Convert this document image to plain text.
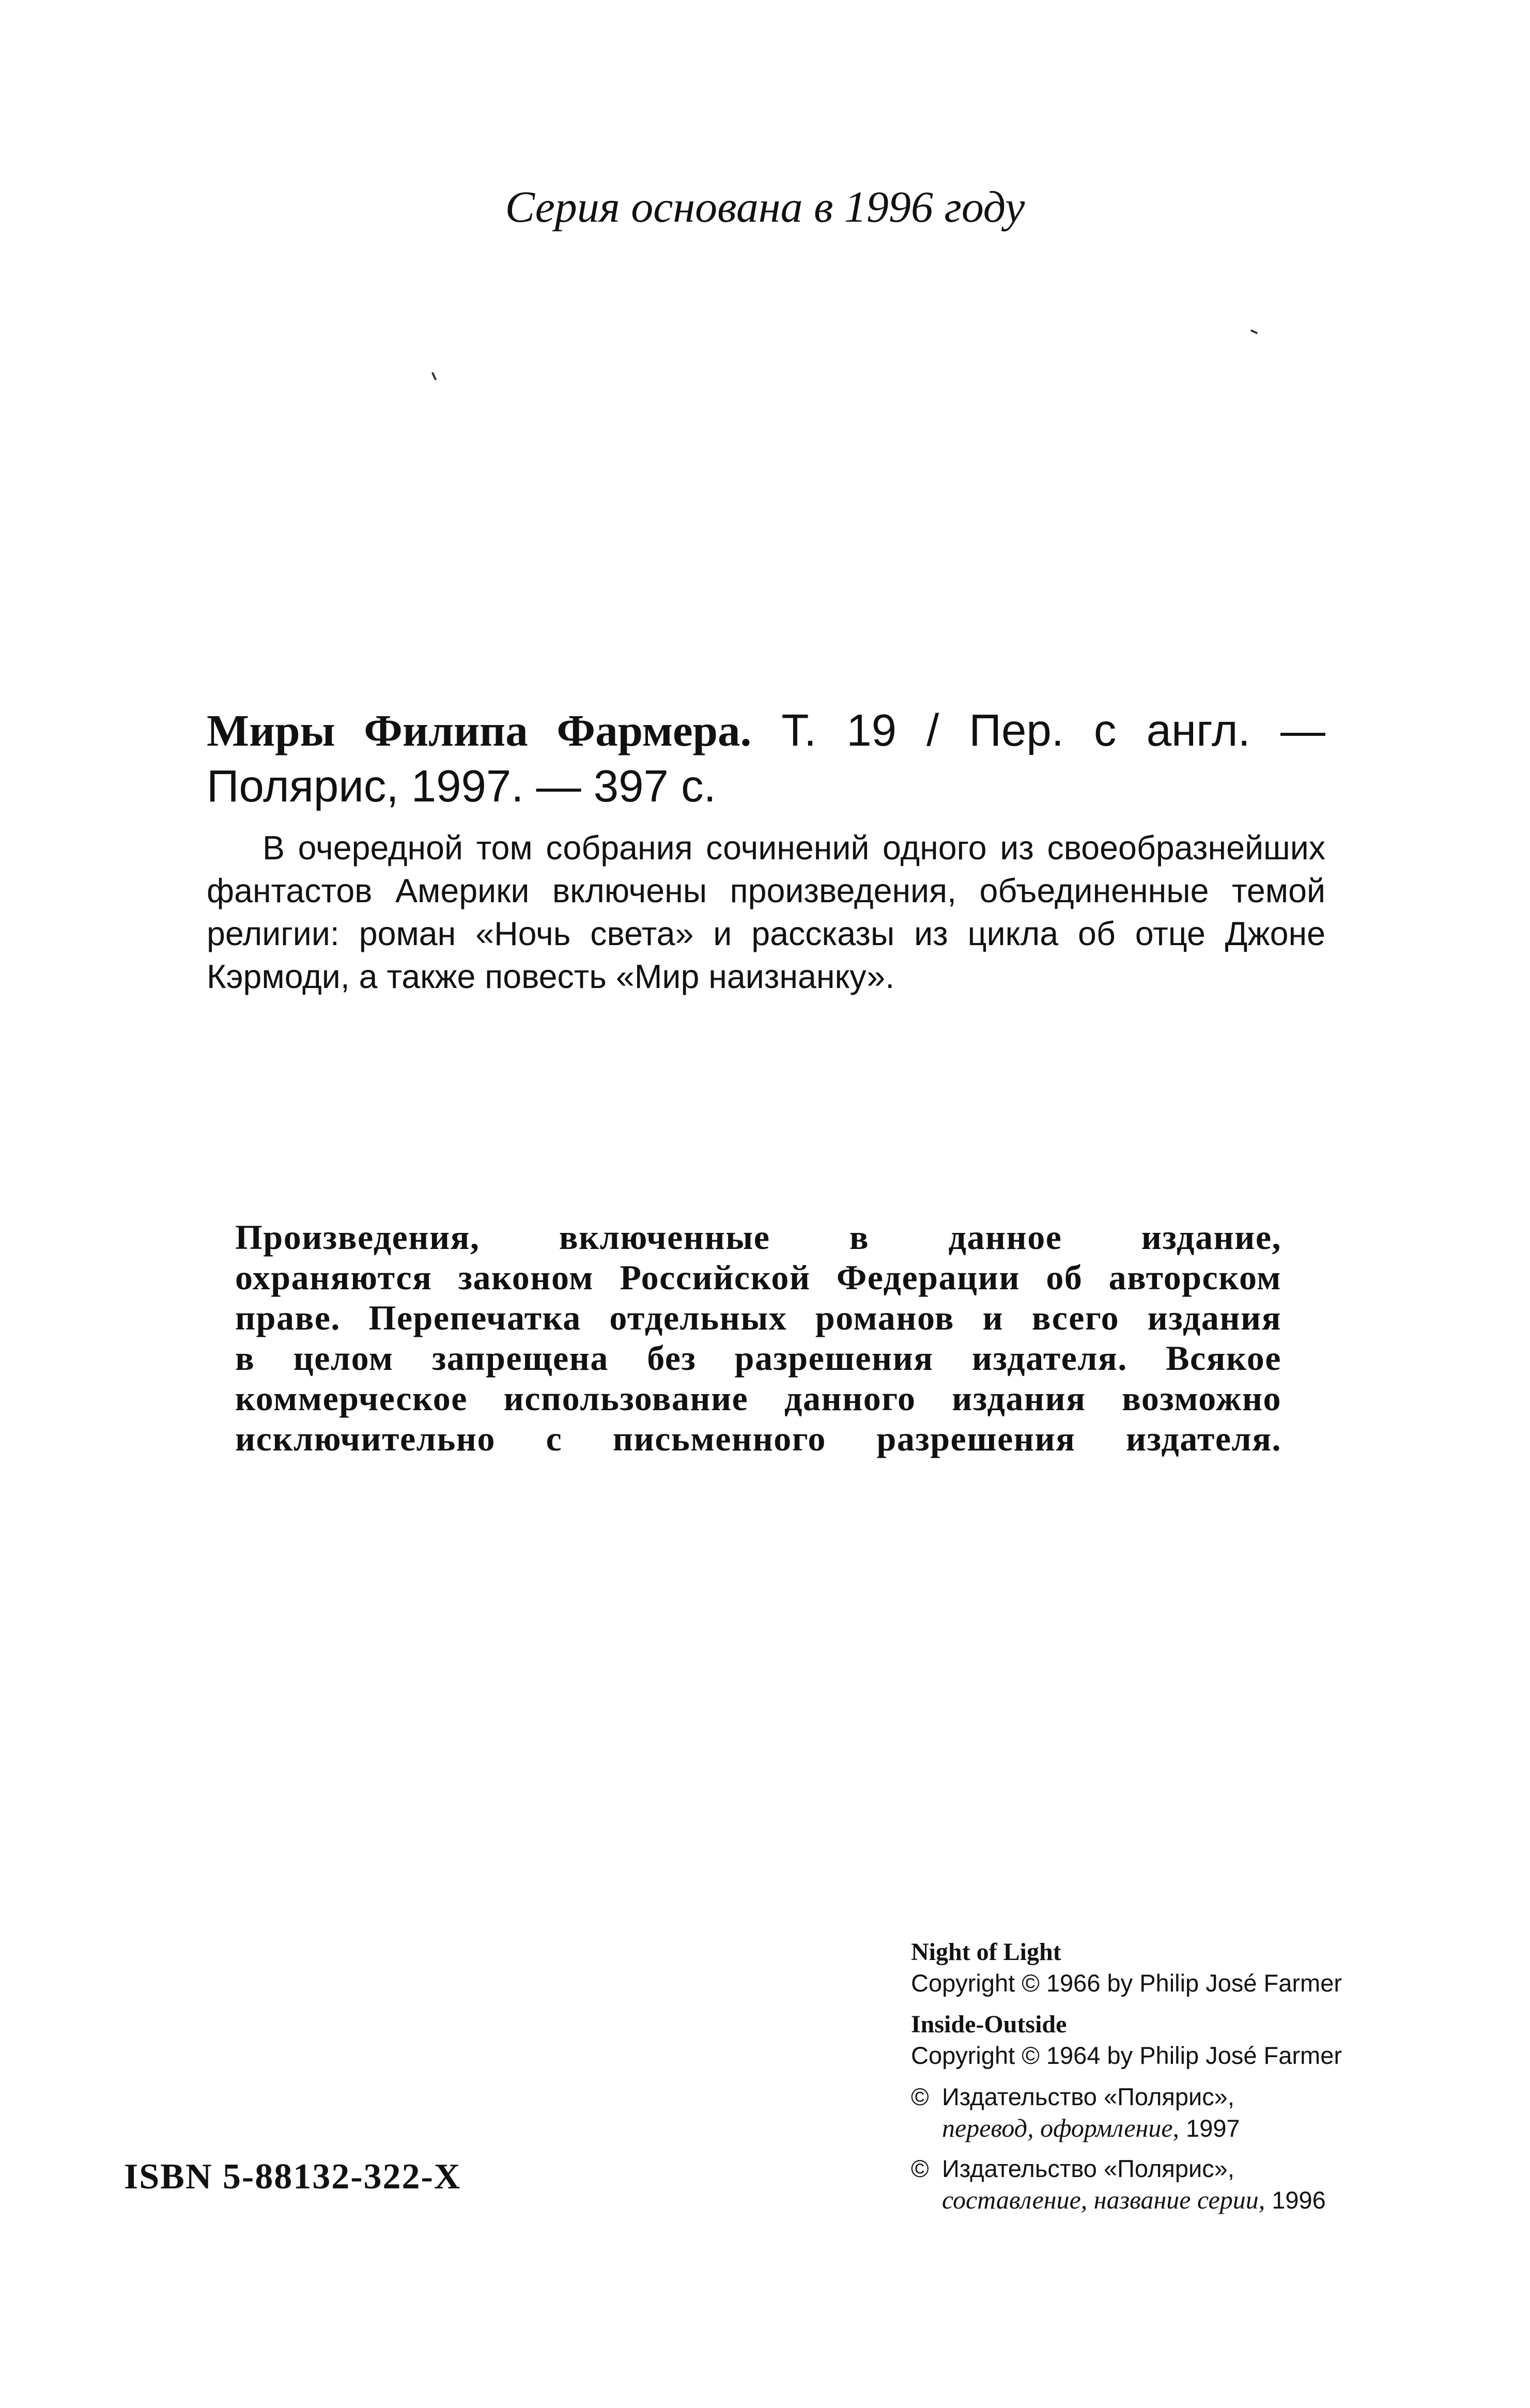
Серия основана в 1996 году
Миры Филипа Фармера. Т. 19 / Пер. с англ. —
Полярис, 1997. — 397 с.
В очередной том собрания сочинений одного из своеобразнейших фантастов Америки включены произведения, объединенные темой религии: роман «Ночь света» и рассказы из цикла об отце Джоне Кэрмоди, а также повесть «Мир наизнанку».
Произведения, включенные в данное издание,
охраняются законом Российской Федерации об авторском
праве. Перепечатка отдельных романов и всего издания
в целом запрещена без разрешения издателя. Всякое
коммерческое использование данного издания возможно
исключительно с письменного разрешения издателя.
Night of Light
Copyright © 1966 by Philip José Farmer
Inside-Outside
Copyright © 1964 by Philip José Farmer
© Издательство «Полярис»,
перевод, оформление, 1997
© Издательство «Полярис»,
составление, название серии, 1996
ISBN 5-88132-322-X
